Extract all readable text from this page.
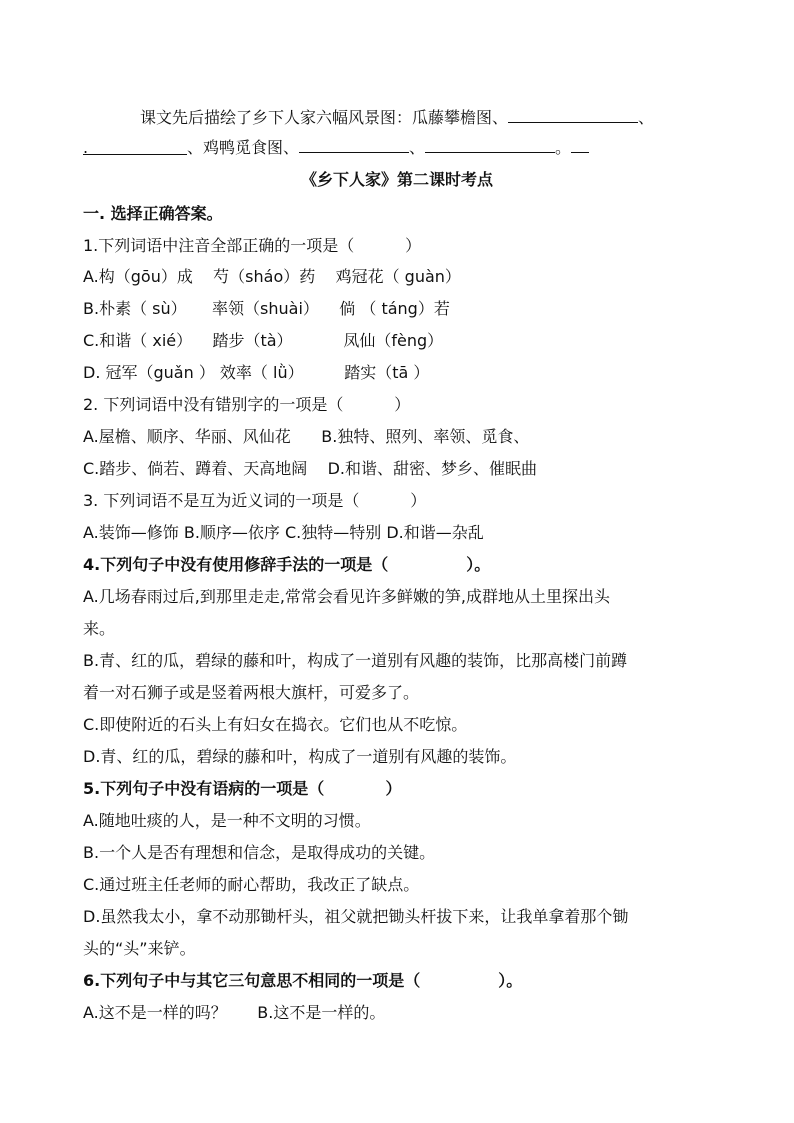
课文先后描绘了乡下人家六幅风景图：瓜藤攀檐图、	、
.	、鸡鸭觅食图、	、	。
《乡下人家》第二课时考点
一. 选择正确答案。
1.下列词语中注音全部正确的一项是（          ）
A.构（gōu）成    芍（sháo）药    鸡冠花（ guàn）
B.朴素（ sù）     率领（shuài）    倘 （ táng）若
C.和谐（ xié）    踏步（tà）          凤仙（fèng）
D. 冠军（guǎn ） 效率（ lǜ）        踏实（tā ）
2. 下列词语中没有错别字的一项是（          ）
A.屋檐、顺序、华丽、风仙花      B.独特、照列、率领、觅食、
C.踏步、倘若、蹲着、天高地阔    D.和谐、甜密、梦乡、催眠曲
3. 下列词语不是互为近义词的一项是（          ）
A.装饰—修饰 B.顺序—依序 C.独特—特别 D.和谐—杂乱
4.下列句子中没有使用修辞手法的一项是（              ）。
A.几场春雨过后,到那里走走,常常会看见许多鲜嫩的笋,成群地从土里探出头
来。
B.青、红的瓜，碧绿的藤和叶，构成了一道别有风趣的装饰，比那高楼门前蹲
着一对石狮子或是竖着两根大旗杆，可爱多了。
C.即使附近的石头上有妇女在捣衣。它们也从不吃惊。
D.青、红的瓜，碧绿的藤和叶，构成了一道别有风趣的装饰。
5.下列句子中没有语病的一项是（           ）
A.随地吐痰的人，是一种不文明的习惯。
B.一个人是否有理想和信念，是取得成功的关键。
C.通过班主任老师的耐心帮助，我改正了缺点。
D.虽然我太小，拿不动那锄杆头，祖父就把锄头杆拔下来，让我单拿着那个锄
头的“头”来铲。
6.下列句子中与其它三句意思不相同的一项是（              ）。
A.这不是一样的吗？      B.这不是一样的。
